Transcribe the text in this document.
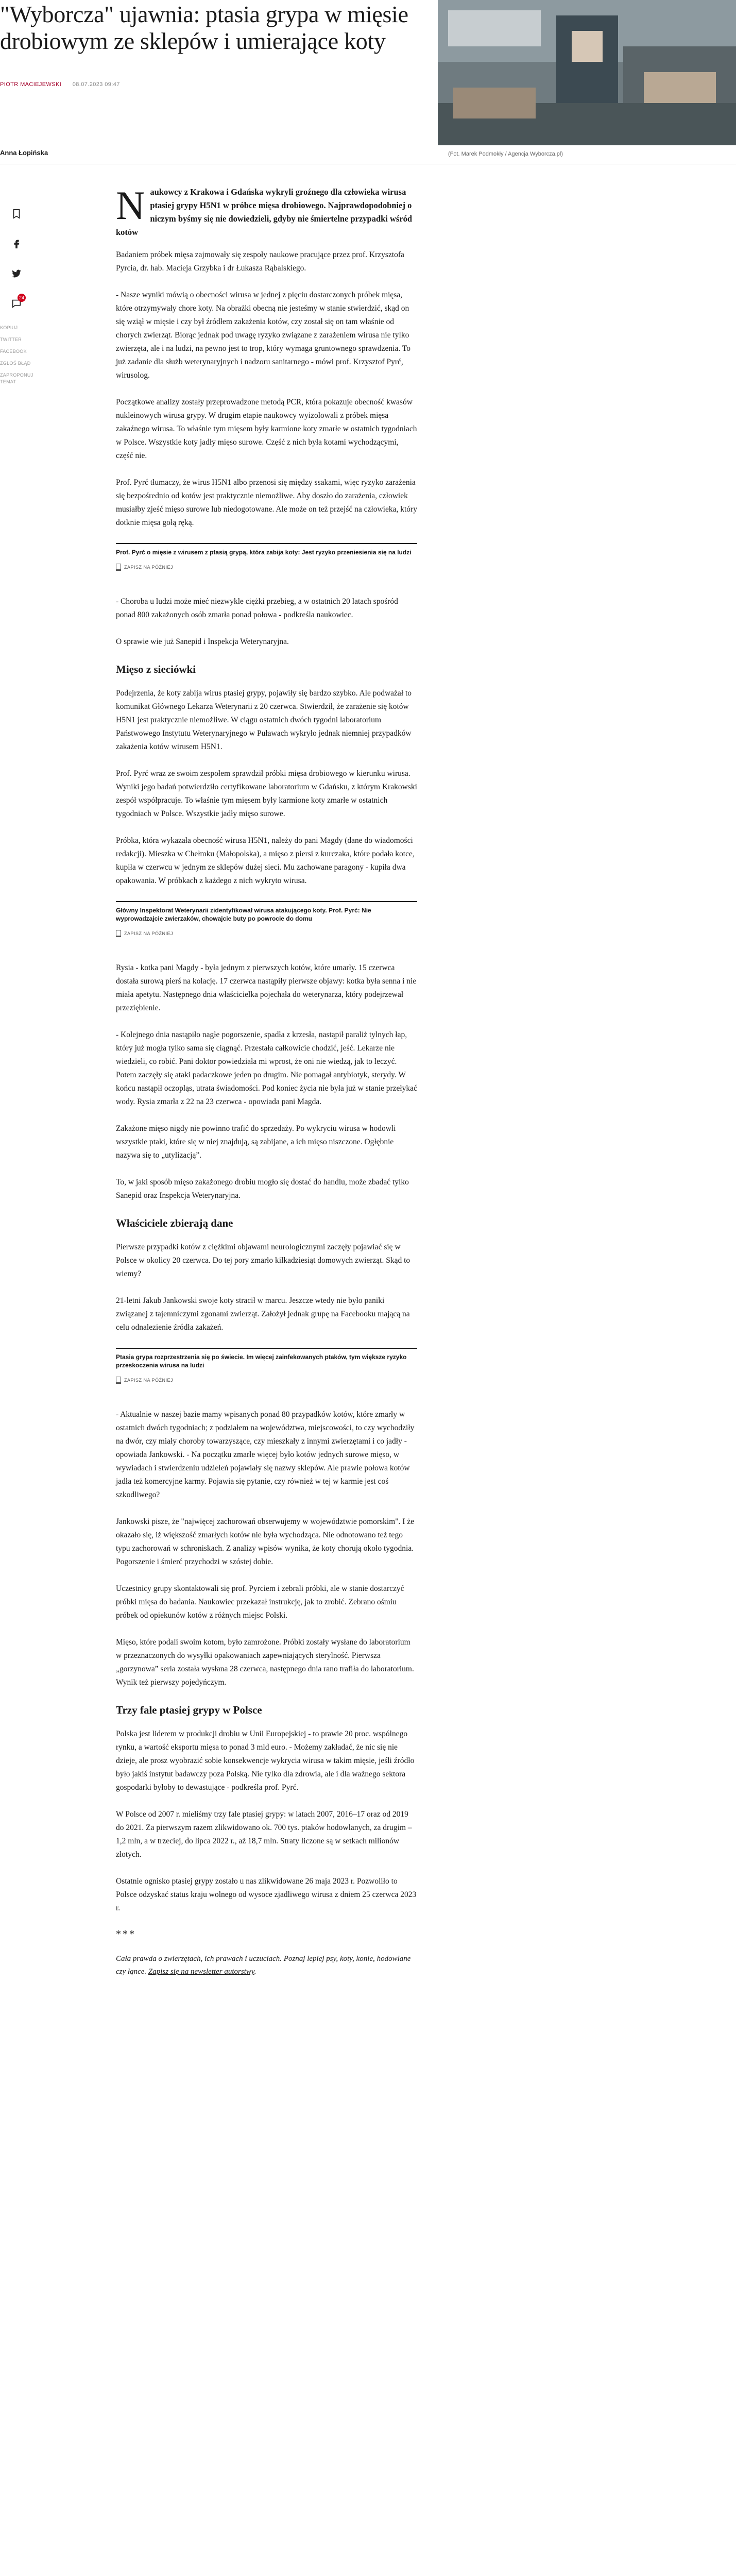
"Wyborcza" ujawnia: ptasia grypa w mięsie drobiowym ze sklepów i umierające koty
PIOTR MACIEJEWSKI 08.07.2023 09:47
(Fot. Marek Podmokły / Agencja Wyborcza.pl)
Anna Łopińska
24
KOPIUJ
TWITTER
FACEBOOK
ZGŁOŚ BŁĄD
ZAPROPONUJ TEMAT
N aukowcy z Krakowa i Gdańska wykryli groźnego dla człowieka wirusa ptasiej grypy H5N1 w próbce mięsa drobiowego. Najprawdopodobniej o niczym byśmy się nie dowiedzieli, gdyby nie śmiertelne przypadki wśród kotów

Badaniem próbek mięsa zajmowały się zespoły naukowe pracujące przez prof. Krzysztofa Pyrcia, dr. hab. Macieja Grzybka i dr Łukasza Rąbalskiego.

- Nasze wyniki mówią o obecności wirusa w jednej z pięciu dostarczonych próbek mięsa, które otrzymywały chore koty. Na obrażki obecną nie jesteśmy w stanie stwierdzić, skąd on się wziął w mięsie i czy był źródłem zakażenia kotów, czy został się on tam właśnie od chorych zwierząt. Biorąc jednak pod uwagę ryzyko związane z zarażeniem wirusa nie tylko zwierzęta, ale i na ludzi, na pewno jest to trop, który wymaga gruntownego sprawdzenia. To już zadanie dla służb weterynaryjnych i nadzoru sanitarnego - mówi prof. Krzysztof Pyrć, wirusolog.

Początkowe analizy zostały przeprowadzone metodą PCR, która pokazuje obecność kwasów nukleinowych wirusa grypy. W drugim etapie naukowcy wyizolowali z próbek mięsa zakaźnego wirusa. To właśnie tym mięsem były karmione koty zmarłe w ostatnich tygodniach w Polsce. Wszystkie koty jadły mięso surowe. Część z nich była kotami wychodzącymi, część nie.

Prof. Pyrć tłumaczy, że wirus H5N1 albo przenosi się między ssakami, więc ryzyko zarażenia się bezpośrednio od kotów jest praktycznie niemożliwe. Aby doszło do zarażenia, człowiek musiałby zjeść mięso surowe lub niedogotowane. Ale może on też przejść na człowieka, który dotknie mięsa gołą ręką.

Prof. Pyrć o mięsie z wirusem z ptasią grypą, która zabija koty: Jest ryzyko przeniesienia się na ludzi
ZAPISZ NA PÓŹNIEJ

- Choroba u ludzi może mieć niezwykle ciężki przebieg, a w ostatnich 20 latach spośród ponad 800 zakażonych osób zmarła ponad połowa - podkreśla naukowiec.

O sprawie wie już Sanepid i Inspekcja Weterynaryjna.

Mięso z sieciówki

Podejrzenia, że koty zabija wirus ptasiej grypy, pojawiły się bardzo szybko. Ale podważał to komunikat Głównego Lekarza Weterynarii z 20 czerwca. Stwierdził, że zarażenie się kotów H5N1 jest praktycznie niemożliwe. W ciągu ostatnich dwóch tygodni laboratorium Państwowego Instytutu Weterynaryjnego w Puławach wykryło jednak niemniej przypadków zakażenia kotów wirusem H5N1.

Prof. Pyrć wraz ze swoim zespołem sprawdził próbki mięsa drobiowego w kierunku wirusa. Wyniki jego badań potwierdziło certyfikowane laboratorium w Gdańsku, z którym Krakowski zespół współpracuje. To właśnie tym mięsem były karmione koty zmarłe w ostatnich tygodniach w Polsce. Wszystkie jadły mięso surowe.

Próbka, która wykazała obecność wirusa H5N1, należy do pani Magdy (dane do wiadomości redakcji). Mieszka w Chełmku (Małopolska), a mięso z piersi z kurczaka, które podała kotce, kupiła w czerwcu w jednym ze sklepów dużej sieci. Mu zachowane paragony - kupiła dwa opakowania. W próbkach z każdego z nich wykryto wirusa.

Główny Inspektorat Weterynarii zidentyfikował wirusa atakującego koty. Prof. Pyrć: Nie wyprowadzajcie zwierzaków, chowajcie buty po powrocie do domu
ZAPISZ NA PÓŹNIEJ

Rysia - kotka pani Magdy - była jednym z pierwszych kotów, które umarły. 15 czerwca dostała surową pierś na kolację. 17 czerwca nastąpiły pierwsze objawy: kotka była senna i nie miała apetytu. Następnego dnia właścicielka pojechała do weterynarza, który podejrzewał przeziębienie.

- Kolejnego dnia nastąpiło nagłe pogorszenie, spadła z krzesła, nastąpił paraliż tylnych łap, który już mogła tylko sama się ciągnąć. Przestała całkowicie chodzić, jeść. Lekarze nie wiedzieli, co robić. Pani doktor powiedziała mi wprost, że oni nie wiedzą, jak to leczyć. Potem zaczęły się ataki padaczkowe jeden po drugim. Nie pomagał antybiotyk, sterydy. W końcu nastąpił oczopląs, utrata świadomości. Pod koniec życia nie była już w stanie przełykać wody. Rysia zmarła z 22 na 23 czerwca - opowiada pani Magda.

Zakażone mięso nigdy nie powinno trafić do sprzedaży. Po wykryciu wirusa w hodowli wszystkie ptaki, które się w niej znajdują, są zabijane, a ich mięso niszczone. Ogłębnie nazywa się to „utylizacją”.

To, w jaki sposób mięso zakażonego drobiu mogło się dostać do handlu, może zbadać tylko Sanepid oraz Inspekcja Weterynaryjna.

Właściciele zbierają dane

Pierwsze przypadki kotów z ciężkimi objawami neurologicznymi zaczęły pojawiać się w Polsce w okolicy 20 czerwca. Do tej pory zmarło kilkadziesiąt domowych zwierząt. Skąd to wiemy?

21-letni Jakub Jankowski swoje koty stracił w marcu. Jeszcze wtedy nie było paniki związanej z tajemniczymi zgonami zwierząt. Założył jednak grupę na Facebooku mającą na celu odnalezienie źródła zakażeń.

Ptasia grypa rozprzestrzenia się po świecie. Im więcej zainfekowanych ptaków, tym większe ryzyko przeskoczenia wirusa na ludzi
ZAPISZ NA PÓŹNIEJ

- Aktualnie w naszej bazie mamy wpisanych ponad 80 przypadków kotów, które zmarły w ostatnich dwóch tygodniach; z podziałem na województwa, miejscowości, to czy wychodziły na dwór, czy miały choroby towarzyszące, czy mieszkały z innymi zwierzętami i co jadły - opowiada Jankowski. - Na początku zmarłe więcej było kotów jednych surowe mięso, w wywiadach i stwierdzeniu udzieleń pojawiały się nazwy sklepów. Ale prawie połowa kotów jadła też komercyjne karmy. Pojawia się pytanie, czy również w tej w karmie jest coś szkodliwego?

Jankowski pisze, że "najwięcej zachorowań obserwujemy w województwie pomorskim". I że okazało się, iż większość zmarłych kotów nie była wychodząca. Nie odnotowano też tego typu zachorowań w schroniskach. Z analizy wpisów wynika, że koty chorują około tygodnia. Pogorszenie i śmierć przychodzi w szóstej dobie.

Uczestnicy grupy skontaktowali się prof. Pyrciem i zebrali próbki, ale w stanie dostarczyć próbki mięsa do badania. Naukowiec przekazał instrukcję, jak to zrobić. Zebrano ośmiu próbek od opiekunów kotów z różnych miejsc Polski.

Mięso, które podali swoim kotom, było zamrożone. Próbki zostały wysłane do laboratorium w przeznaczonych do wysyłki opakowaniach zapewniających sterylność. Pierwsza „gorzynowa” seria została wysłana 28 czerwca, następnego dnia rano trafiła do laboratorium. Wynik też pierwszy pojedyńczym.

Trzy fale ptasiej grypy w Polsce

Polska jest liderem w produkcji drobiu w Unii Europejskiej - to prawie 20 proc. wspólnego rynku, a wartość eksportu mięsa to ponad 3 mld euro. - Możemy zakładać, że nic się nie dzieje, ale prosz wyobrazić sobie konsekwencje wykrycia wirusa w takim mięsie, jeśli źródło było jakiś instytut badawczy poza Polską. Nie tylko dla zdrowia, ale i dla ważnego sektora gospodarki byłoby to dewastujące - podkreśla prof. Pyrć.

W Polsce od 2007 r. mieliśmy trzy fale ptasiej grypy: w latach 2007, 2016–17 oraz od 2019 do 2021. Za pierwszym razem zlikwidowano ok. 700 tys. ptaków hodowlanych, za drugim – 1,2 mln, a w trzeciej, do lipca 2022 r., aż 18,7 mln. Straty liczone są w setkach milionów złotych.

Ostatnie ognisko ptasiej grypy zostało u nas zlikwidowane 26 maja 2023 r. Pozwoliło to Polsce odzyskać status kraju wolnego od wysoce zjadliwego wirusa z dniem 25 czerwca 2023 r.

***

Cała prawda o zwierzętach, ich prawach i uczuciach. Poznaj lepiej psy, koty, konie, hodowlane czy łąnce. Zapisz się na newsletter autorstwy.
